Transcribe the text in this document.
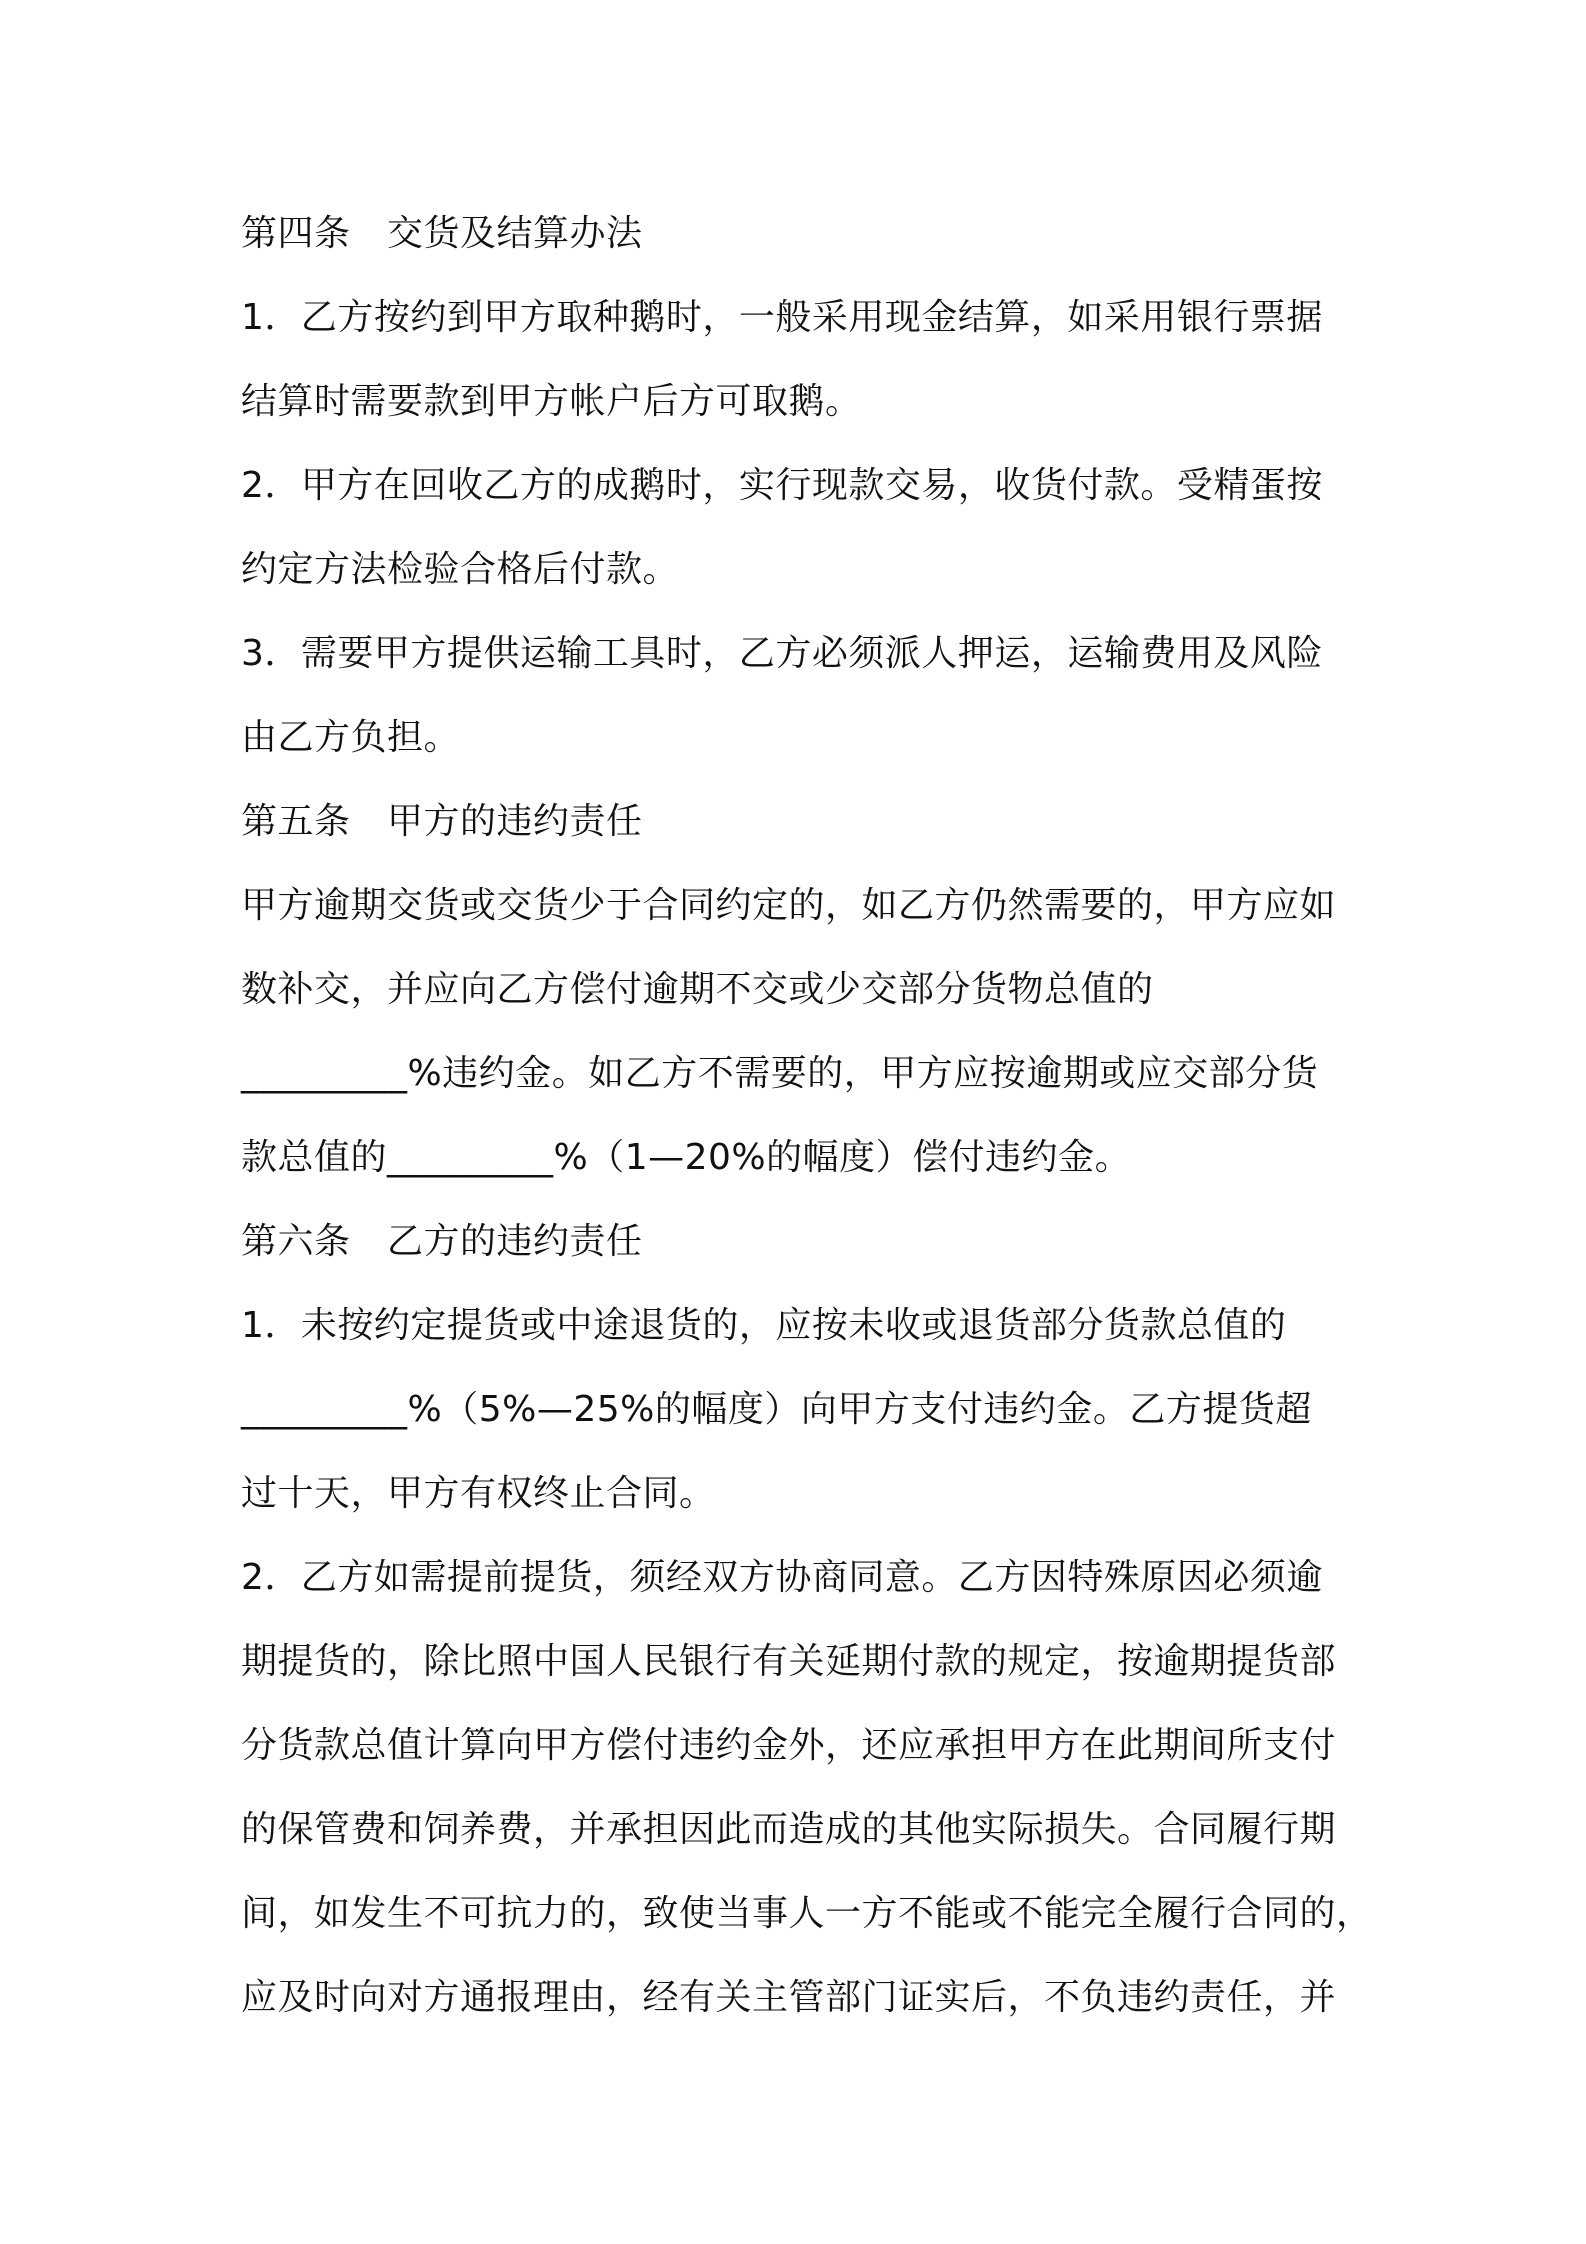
第四条　交货及结算办法
1．乙方按约到甲方取种鹅时，一般采用现金结算，如采用银行票据
结算时需要款到甲方帐户后方可取鹅。
2．甲方在回收乙方的成鹅时，实行现款交易，收货付款。受精蛋按
约定方法检验合格后付款。
3．需要甲方提供运输工具时，乙方必须派人押运，运输费用及风险
由乙方负担。
第五条　甲方的违约责任
甲方逾期交货或交货少于合同约定的，如乙方仍然需要的，甲方应如
数补交，并应向乙方偿付逾期不交或少交部分货物总值的
_________%违约金。如乙方不需要的，甲方应按逾期或应交部分货
款总值的_________%（1—20%的幅度）偿付违约金。
第六条　乙方的违约责任
1．未按约定提货或中途退货的，应按未收或退货部分货款总值的
_________%（5%—25%的幅度）向甲方支付违约金。乙方提货超
过十天，甲方有权终止合同。
2．乙方如需提前提货，须经双方协商同意。乙方因特殊原因必须逾
期提货的，除比照中国人民银行有关延期付款的规定，按逾期提货部
分货款总值计算向甲方偿付违约金外，还应承担甲方在此期间所支付
的保管费和饲养费，并承担因此而造成的其他实际损失。合同履行期
间，如发生不可抗力的，致使当事人一方不能或不能完全履行合同的，
应及时向对方通报理由，经有关主管部门证实后，不负违约责任，并
